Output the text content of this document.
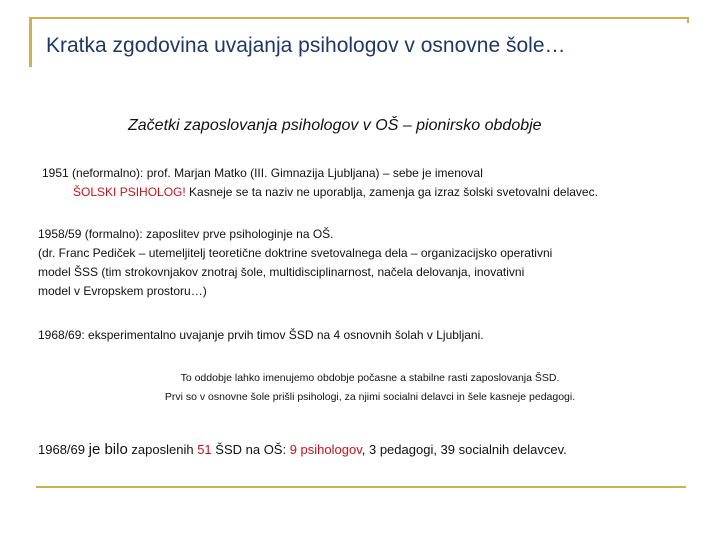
Kratka zgodovina uvajanja psihologov v osnovne šole…
Začetki zaposlovanja psihologov v OŠ – pionirsko obdobje
1951 (neformalno): prof. Marjan Matko (III. Gimnazija Ljubljana) – sebe je imenoval
ŠOLSKI PSIHOLOG! Kasneje se ta naziv ne uporablja, zamenja ga izraz šolski svetovalni delavec.
1958/59 (formalno): zaposlitev prve psihologinje na OŠ.
(dr. Franc Pediček – utemeljitelj teoretične doktrine svetovalnega dela – organizacijsko operativni
model ŠSS (tim strokovnjakov znotraj šole, multidisciplinarnost, načela delovanja, inovativni
model v Evropskem prostoru…)
1968/69: eksperimentalno uvajanje prvih timov ŠSD na 4 osnovnih šolah v Ljubljani.
To oddobje lahko imenujemo obdobje počasne a stabilne rasti zaposlovanja ŠSD.
Prvi so v osnovne šole prišli psihologi, za njimi socialni delavci in šele kasneje pedagogi.
1968/69 je bilo zaposlenih 51 ŠSD na OŠ: 9 psihologov, 3 pedagogi, 39 socialnih delavcev.
